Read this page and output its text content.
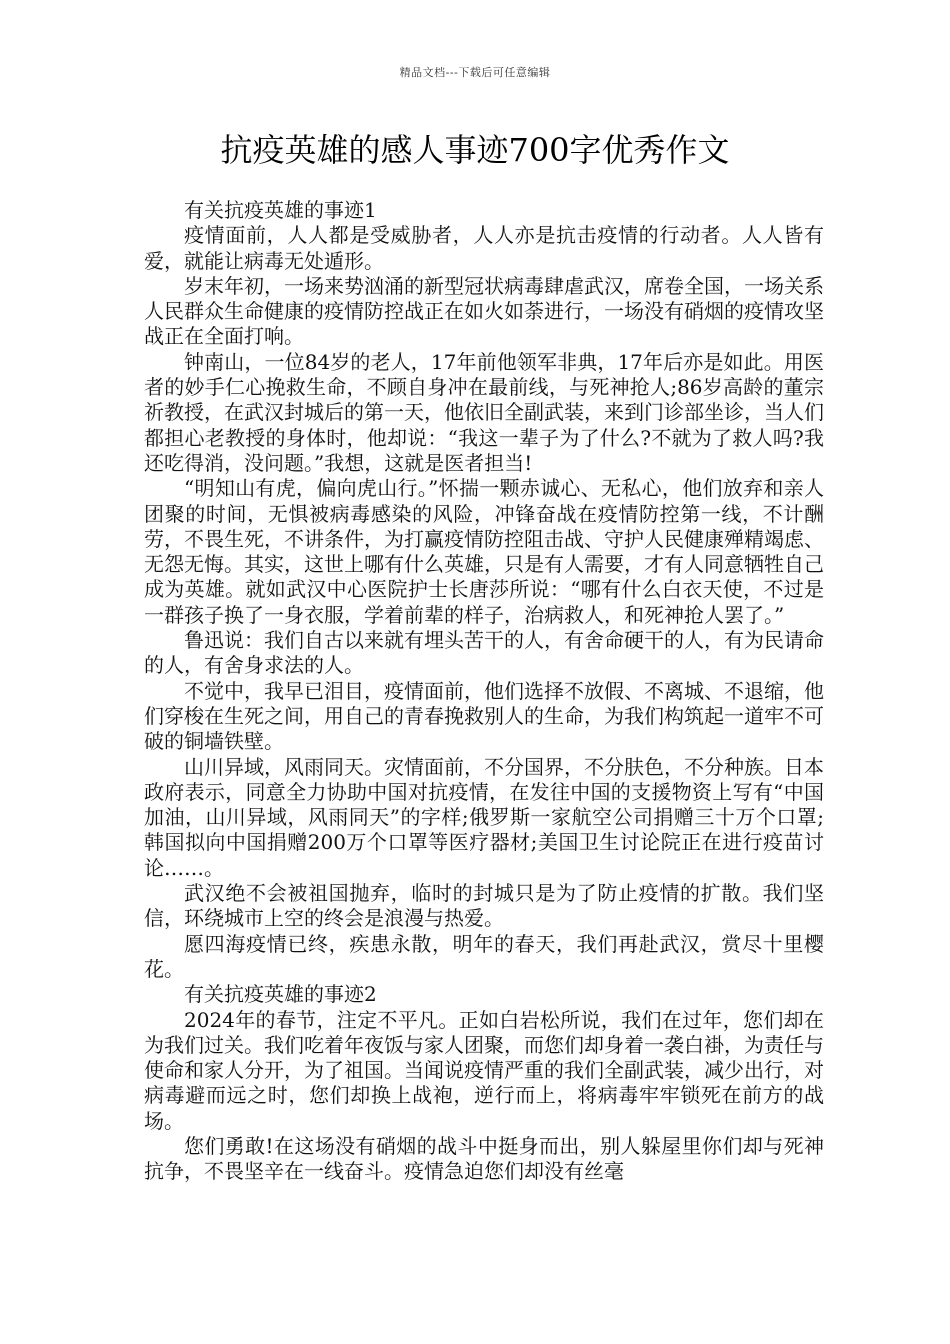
精品文档---下载后可任意编辑
抗疫英雄的感人事迹700字优秀作文

有关抗疫英雄的事迹1

疫情面前，人人都是受威胁者，人人亦是抗击疫情的行动者。人人皆有爱，就能让病毒无处遁形。

岁末年初，一场来势汹涌的新型冠状病毒肆虐武汉，席卷全国，一场关系人民群众生命健康的疫情防控战正在如火如荼进行，一场没有硝烟的疫情攻坚战正在全面打响。

钟南山，一位84岁的老人，17年前他领军非典，17年后亦是如此。用医者的妙手仁心挽救生命，不顾自身冲在最前线，与死神抢人;86岁高龄的董宗祈教授，在武汉封城后的第一天，他依旧全副武装，来到门诊部坐诊，当人们都担心老教授的身体时，他却说：“我这一辈子为了什么?不就为了救人吗?我还吃得消，没问题。”我想，这就是医者担当!

“明知山有虎，偏向虎山行。”怀揣一颗赤诚心、无私心，他们放弃和亲人团聚的时间，无惧被病毒感染的风险，冲锋奋战在疫情防控第一线，不计酬劳，不畏生死，不讲条件，为打赢疫情防控阻击战、守护人民健康殚精竭虑、无怨无悔。其实，这世上哪有什么英雄，只是有人需要，才有人同意牺牲自己成为英雄。就如武汉中心医院护士长唐莎所说：“哪有什么白衣天使，不过是一群孩子换了一身衣服，学着前辈的样子，治病救人，和死神抢人罢了。”

鲁迅说：我们自古以来就有埋头苦干的人，有舍命硬干的人，有为民请命的人，有舍身求法的人。

不觉中，我早已泪目，疫情面前，他们选择不放假、不离城、不退缩，他们穿梭在生死之间，用自己的青春挽救别人的生命，为我们构筑起一道牢不可破的铜墙铁壁。

山川异域，风雨同天。灾情面前，不分国界，不分肤色，不分种族。日本政府表示，同意全力协助中国对抗疫情，在发往中国的支援物资上写有“中国加油，山川异域，风雨同天”的字样;俄罗斯一家航空公司捐赠三十万个口罩;韩国拟向中国捐赠200万个口罩等医疗器材;美国卫生讨论院正在进行疫苗讨论……。

武汉绝不会被祖国抛弃，临时的封城只是为了防止疫情的扩散。我们坚信，环绕城市上空的终会是浪漫与热爱。

愿四海疫情已终，疾患永散，明年的春天，我们再赴武汉，赏尽十里樱花。

有关抗疫英雄的事迹2

2024年的春节，注定不平凡。正如白岩松所说，我们在过年，您们却在为我们过关。我们吃着年夜饭与家人团聚，而您们却身着一袭白褂，为责任与使命和家人分开，为了祖国。当闻说疫情严重的我们全副武装，减少出行，对病毒避而远之时，您们却换上战袍，逆行而上，将病毒牢牢锁死在前方的战场。

您们勇敢!在这场没有硝烟的战斗中挺身而出，别人躲屋里你们却与死神抗争，不畏坚辛在一线奋斗。疫情急迫您们却没有丝毫
